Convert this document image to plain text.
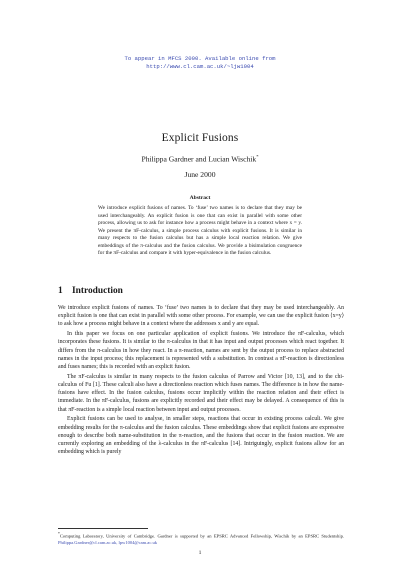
To appear in MFCS 2000. Available online from
http://www.cl.cam.ac.uk/~ljw1004
Explicit Fusions
Philippa Gardner and Lucian Wischik*
June 2000
Abstract

We introduce explicit fusions of names. To ‘fuse’ two names is to declare that they may be used interchangeably. An explicit fusion is one that can exist in parallel with some other process, allowing us to ask for instance how a process might behave in a context where x = y. We present the πF-calculus, a simple process calculus with explicit fusions. It is similar in many respects to the fusion calculus but has a simple local reaction relation. We give embeddings of the π-calculus and the fusion calculus. We provide a bisimulation congruence for the πF-calculus and compare it with hyper-equivalence in the fusion calculus.

1 Introduction

We introduce explicit fusions of names. To ‘fuse’ two names is to declare that they may be used interchangeably. An explicit fusion is one that can exist in parallel with some other process. For example, we can use the explicit fusion ⟨x=y⟩ to ask how a process might behave in a context where the addresses x and y are equal.

In this paper we focus on one particular application of explicit fusions. We introduce the πF-calculus, which incorporates these fusions. It is similar to the π-calculus in that it has input and output processes which react together. It differs from the π-calculus in how they react. In a π-reaction, names are sent by the output process to replace abstracted names in the input process; this replacement is represented with a substitution. In contrast a πF-reaction is directionless and fuses names; this is recorded with an explicit fusion.

The πF-calculus is similar in many respects to the fusion calculus of Parrow and Victor [10, 13], and to the chi-calculus of Fu [1]. These calculi also have a directionless reaction which fuses names. The difference is in how the name-fusions have effect. In the fusion calculus, fusions occur implicitly within the reaction relation and their effect is immediate. In the πF-calculus, fusions are explicitly recorded and their effect may be delayed. A consequence of this is that πF-reaction is a simple local reaction between input and output processes.

Explicit fusions can be used to analyse, in smaller steps, reactions that occur in existing process calculi. We give embedding results for the π-calculus and the fusion calculus. These embeddings show that explicit fusions are expressive enough to describe both name-substitution in the π-reaction, and the fusions that occur in the fusion reaction. We are currently exploring an embedding of the λ-calculus in the πF-calculus [14]. Intriguingly, explicit fusions allow for an embedding which is purely

*Computing Laboratory, University of Cambridge. Gardner is supported by an EPSRC Advanced Fellowship, Wischik by an EPSRC Studentship. Philippa.Gardner@cl.cam.ac.uk, lpw1004@cam.ac.uk

1
